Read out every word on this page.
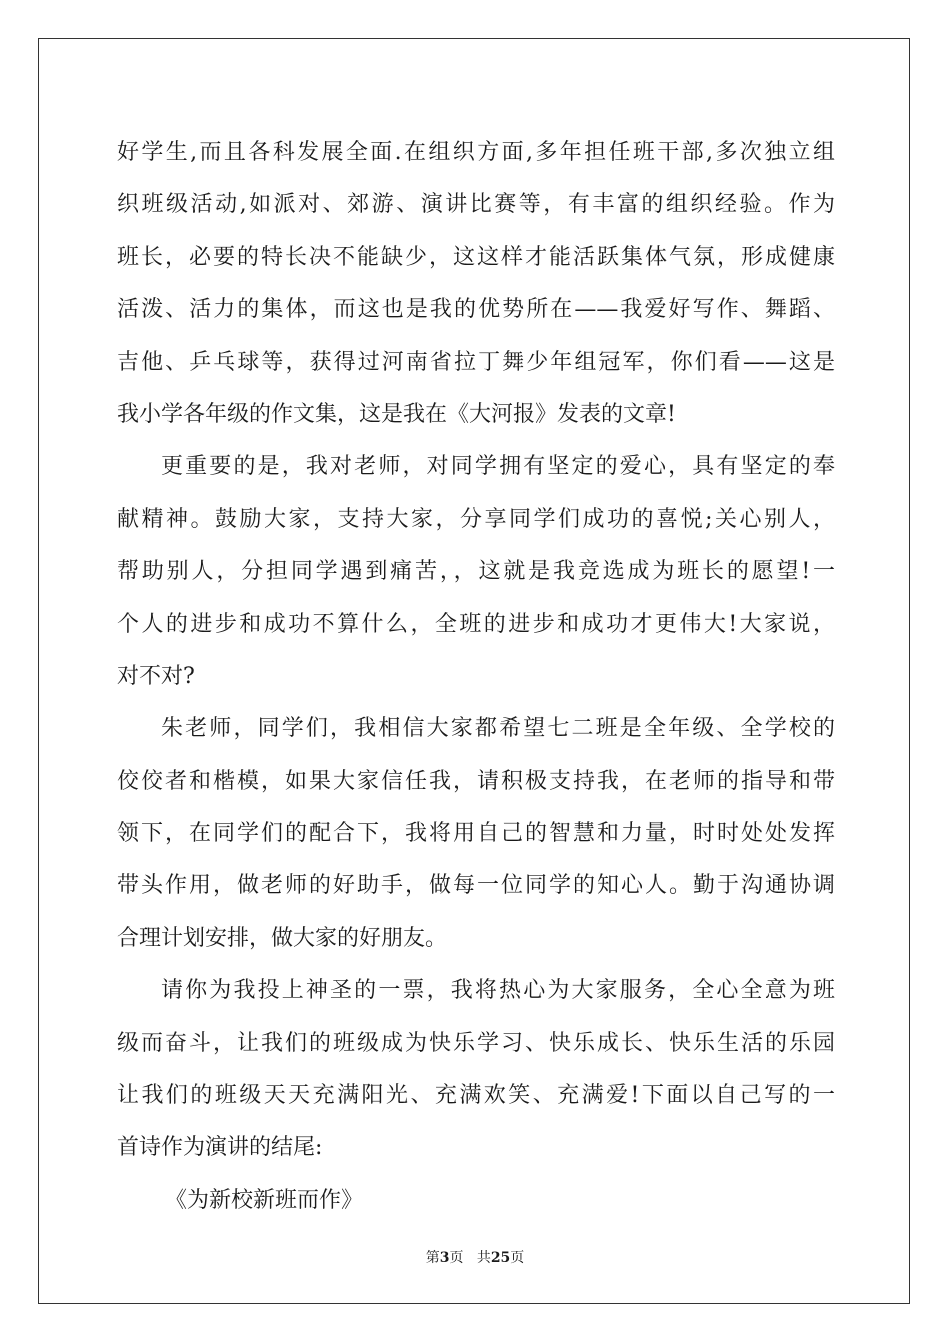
好学生,而且各科发展全面.在组织方面,多年担任班干部,多次独立组
织班级活动,如派对、郊游、演讲比赛等，有丰富的组织经验。作为
班长，必要的特长决不能缺少，这这样才能活跃集体气氛，形成健康
活泼、活力的集体，而这也是我的优势所在——我爱好写作、舞蹈、
吉他、乒乓球等，获得过河南省拉丁舞少年组冠军，你们看——这是
我小学各年级的作文集，这是我在《大河报》发表的文章!
更重要的是，我对老师，对同学拥有坚定的爱心，具有坚定的奉
献精神。鼓励大家，支持大家，分享同学们成功的喜悦;关心别人，
帮助别人，分担同学遇到痛苦，，这就是我竞选成为班长的愿望!一
个人的进步和成功不算什么，全班的进步和成功才更伟大!大家说，
对不对?
朱老师，同学们，我相信大家都希望七二班是全年级、全学校的
佼佼者和楷模，如果大家信任我，请积极支持我，在老师的指导和带
领下，在同学们的配合下，我将用自己的智慧和力量，时时处处发挥
带头作用，做老师的好助手，做每一位同学的知心人。勤于沟通协调
合理计划安排，做大家的好朋友。
请你为我投上神圣的一票，我将热心为大家服务，全心全意为班
级而奋斗，让我们的班级成为快乐学习、快乐成长、快乐生活的乐园
让我们的班级天天充满阳光、充满欢笑、充满爱!下面以自己写的一
首诗作为演讲的结尾:
《为新校新班而作》
第3页 共25页
